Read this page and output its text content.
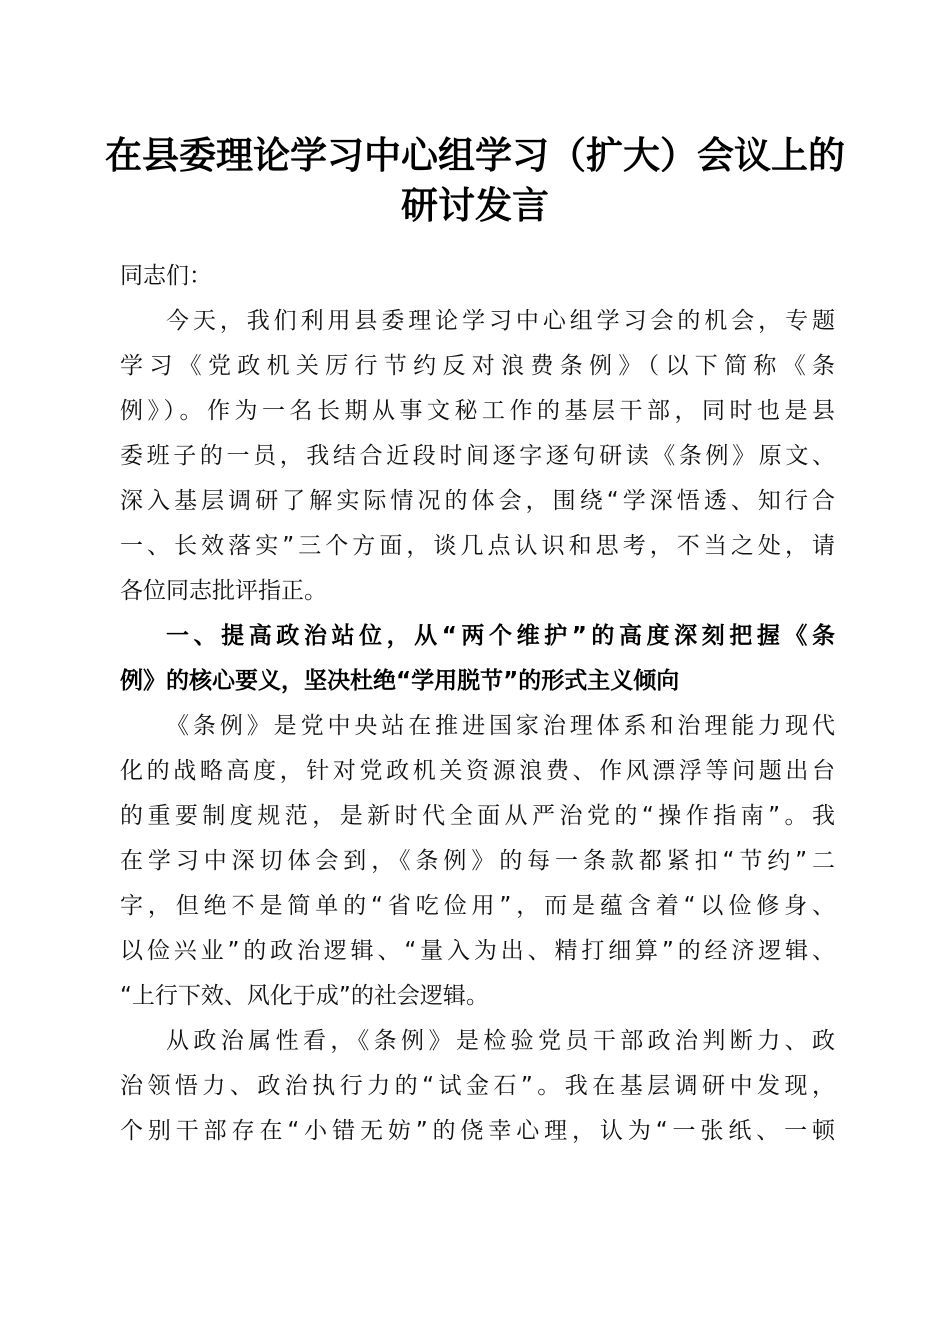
在县委理论学习中心组学习（扩大）会议上的
研讨发言
同志们：
今天，我们利用县委理论学习中心组学习会的机会，专题
学习《党政机关厉行节约反对浪费条例》（以下简称《条
例》）。作为一名长期从事文秘工作的基层干部，同时也是县
委班子的一员，我结合近段时间逐字逐句研读《条例》原文、
深入基层调研了解实际情况的体会，围绕“学深悟透、知行合
一、长效落实”三个方面，谈几点认识和思考，不当之处，请
各位同志批评指正。
一、提高政治站位，从“两个维护”的高度深刻把握《条
例》的核心要义，坚决杜绝“学用脱节”的形式主义倾向
《条例》是党中央站在推进国家治理体系和治理能力现代
化的战略高度，针对党政机关资源浪费、作风漂浮等问题出台
的重要制度规范，是新时代全面从严治党的“操作指南”。我
在学习中深切体会到，《条例》的每一条款都紧扣“节约”二
字，但绝不是简单的“省吃俭用”，而是蕴含着“以俭修身、
以俭兴业”的政治逻辑、“量入为出、精打细算”的经济逻辑、
“上行下效、风化于成”的社会逻辑。
从政治属性看，《条例》是检验党员干部政治判断力、政
治领悟力、政治执行力的“试金石”。我在基层调研中发现，
个别干部存在“小错无妨”的侥幸心理，认为“一张纸、一顿
